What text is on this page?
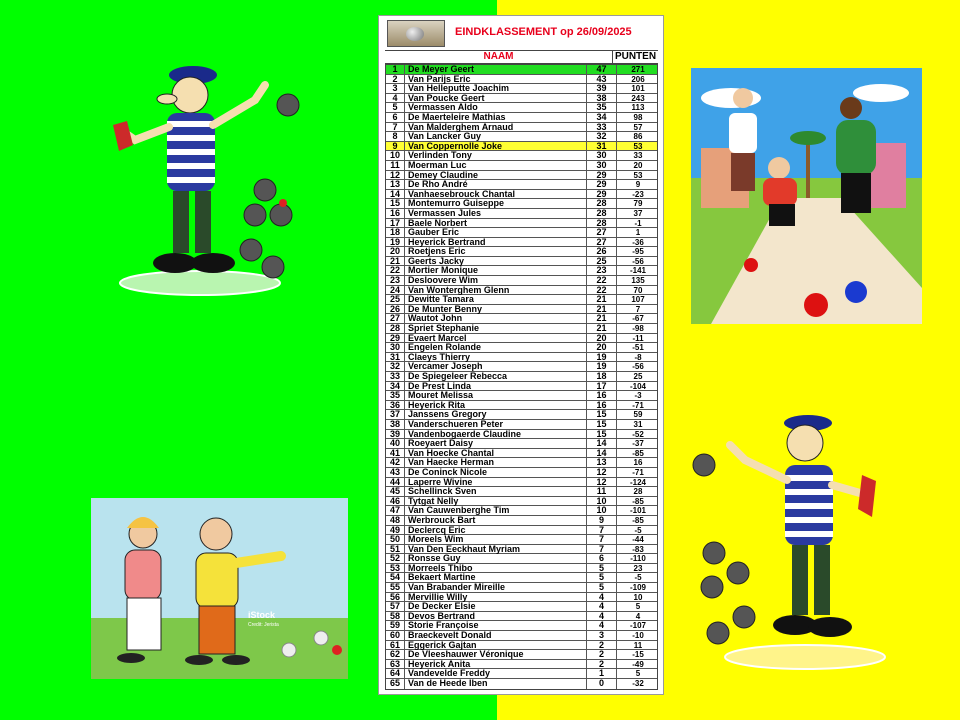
iStock
Credit: Jerista
EINDKLASSEMENT op 26/09/2025
NAAM	PUNTEN
1	De Meyer Geert	47	271
2	Van Parijs Eric	43	206
3	Van Helleputte Joachim	39	101
4	Van Poucke Geert	38	243
5	Vermassen Aldo	35	113
6	De Maerteleire Mathias	34	98
7	Van Malderghem Arnaud	33	57
8	Van Lancker Guy	32	86
9	Van Coppernolle Joke	31	53
10 Verlinden Tony	30	33
11 Moerman Luc	30	20
12 Demey Claudine	29	53
13 De Rho André	29	9
14 Vanhaesebrouck Chantal	29	-23
15 Montemurro Guiseppe	28	79
16 Vermassen Jules	28	37
17 Baele Norbert	28	-1
18 Gauber Eric	27	1
19 Heyerick Bertrand	27	-36
20 Roetjens Eric	26	-95
21 Geerts Jacky	25	-56
22 Mortier Monique	23	-141
23 Desloovere Wim	22	135
24 Van Wonterghem Glenn	22	70
25 Dewitte Tamara	21	107
26 De Munter Benny	21	7
27 Wautot John	21	-67
28 Spriet Stephanie	21	-98
29 Evaert Marcel	20	-11
30 Engelen Rolande	20	-51
31 Claeys Thierry	19	-8
32 Vercamer Joseph	19	-56
33 De Spiegeleer Rebecca	18	25
34 De Prest Linda	17	-104
35 Mouret Melissa	16	-3
36 Heyerick Rita	16	-71
37 Janssens Gregory	15	59
38 Vanderschueren Peter	15	31
39 Vandenbogaerde Claudine	15	-52
40 Roeyaert Daisy	14	-37
41 Van Hoecke Chantal	14	-85
42 Van Haecke Herman	13	16
43 De Coninck Nicole	12	-71
44 Laperre Wivine	12	-124
45 Schellinck Sven	11	28
46 Tytgat Nelly	10	-85
47 Van Cauwenberghe Tim	10	-101
48 Werbrouck Bart	9	-85
49 Declercq Eric	7	-5
50 Moreels Wim	7	-44
51 Van Den Eeckhaut Myriam	7	-83
52 Ronsse Guy	6	-110
53 Morreels Thibo	5	23
54 Bekaert Martine	5	-5
55 Van Brabander Mireille	5	-109
56 Mervillie Willy	4	10
57 De Decker Elsie	4	5
58 Devos Bertrand	4	4
59 Storie Françoise	4	-107
60 Braeckevelt Donald	3	-10
61 Eggerick Gajtan	2	11
62 De Vleeshauwer Véronique	2	-15
63 Heyerick Anita	2	-49
64 Vandevelde Freddy	1	5
65 Van de Heede Iben	0	-32
